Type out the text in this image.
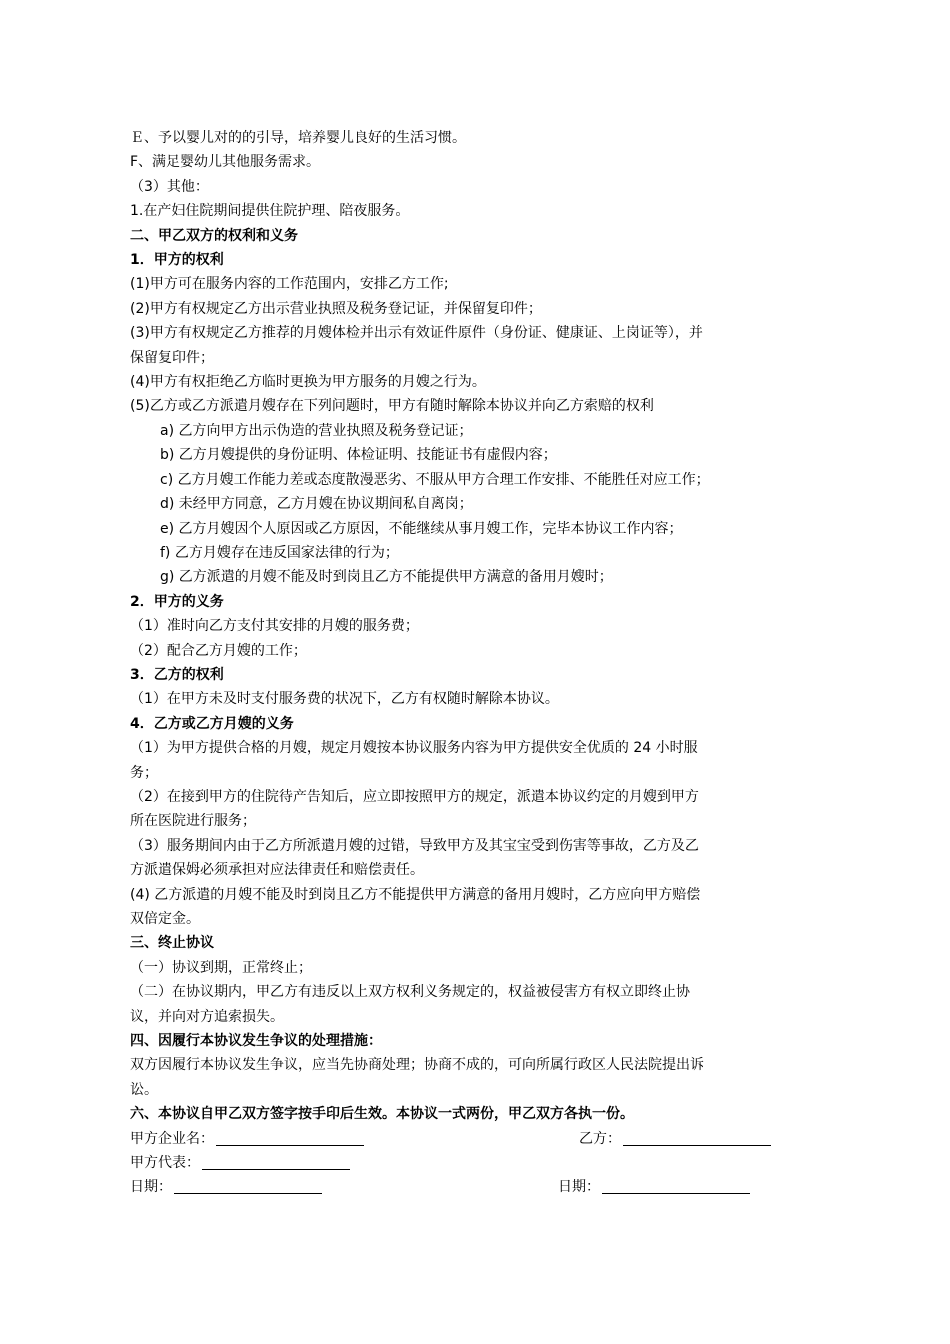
Ｅ、予以婴儿对的的引导，培养婴儿良好的生活习惯。
F、满足婴幼儿其他服务需求。
（3）其他：
1.在产妇住院期间提供住院护理、陪夜服务。
二、甲乙双方的权利和义务
1．甲方的权利
(1)甲方可在服务内容的工作范围内，安排乙方工作;
(2)甲方有权规定乙方出示营业执照及税务登记证，并保留复印件；
(3)甲方有权规定乙方推荐的月嫂体检并出示有效证件原件（身份证、健康证、上岗证等），并
保留复印件；
(4)甲方有权拒绝乙方临时更换为甲方服务的月嫂之行为。
(5)乙方或乙方派遣月嫂存在下列问题时，甲方有随时解除本协议并向乙方索赔的权利
a) 乙方向甲方出示伪造的营业执照及税务登记证；
b) 乙方月嫂提供的身份证明、体检证明、技能证书有虚假内容；
c) 乙方月嫂工作能力差或态度散漫恶劣、不服从甲方合理工作安排、不能胜任对应工作；
d) 未经甲方同意，乙方月嫂在协议期间私自离岗；
e) 乙方月嫂因个人原因或乙方原因，不能继续从事月嫂工作，完毕本协议工作内容；
f) 乙方月嫂存在违反国家法律的行为；
g) 乙方派遣的月嫂不能及时到岗且乙方不能提供甲方满意的备用月嫂时；
2．甲方的义务
（1）准时向乙方支付其安排的月嫂的服务费；
（2）配合乙方月嫂的工作；
3．乙方的权利
（1）在甲方未及时支付服务费的状况下，乙方有权随时解除本协议。
4．乙方或乙方月嫂的义务
（1）为甲方提供合格的月嫂，规定月嫂按本协议服务内容为甲方提供安全优质的 24 小时服
务；
（2）在接到甲方的住院待产告知后，应立即按照甲方的规定，派遣本协议约定的月嫂到甲方
所在医院进行服务；
（3）服务期间内由于乙方所派遣月嫂的过错，导致甲方及其宝宝受到伤害等事故，乙方及乙
方派遣保姆必须承担对应法律责任和赔偿责任。
(4) 乙方派遣的月嫂不能及时到岗且乙方不能提供甲方满意的备用月嫂时，乙方应向甲方赔偿
双倍定金。
三、终止协议
（一）协议到期，正常终止；
（二）在协议期内，甲乙方有违反以上双方权利义务规定的，权益被侵害方有权立即终止协
议，并向对方追索损失。
四、因履行本协议发生争议的处理措施：
双方因履行本协议发生争议，应当先协商处理；协商不成的，可向所属行政区人民法院提出诉
讼。
六、本协议自甲乙双方签字按手印后生效。本协议一式两份，甲乙双方各执一份。
甲方企业名：	乙方：
甲方代表：
日期：	日期：
